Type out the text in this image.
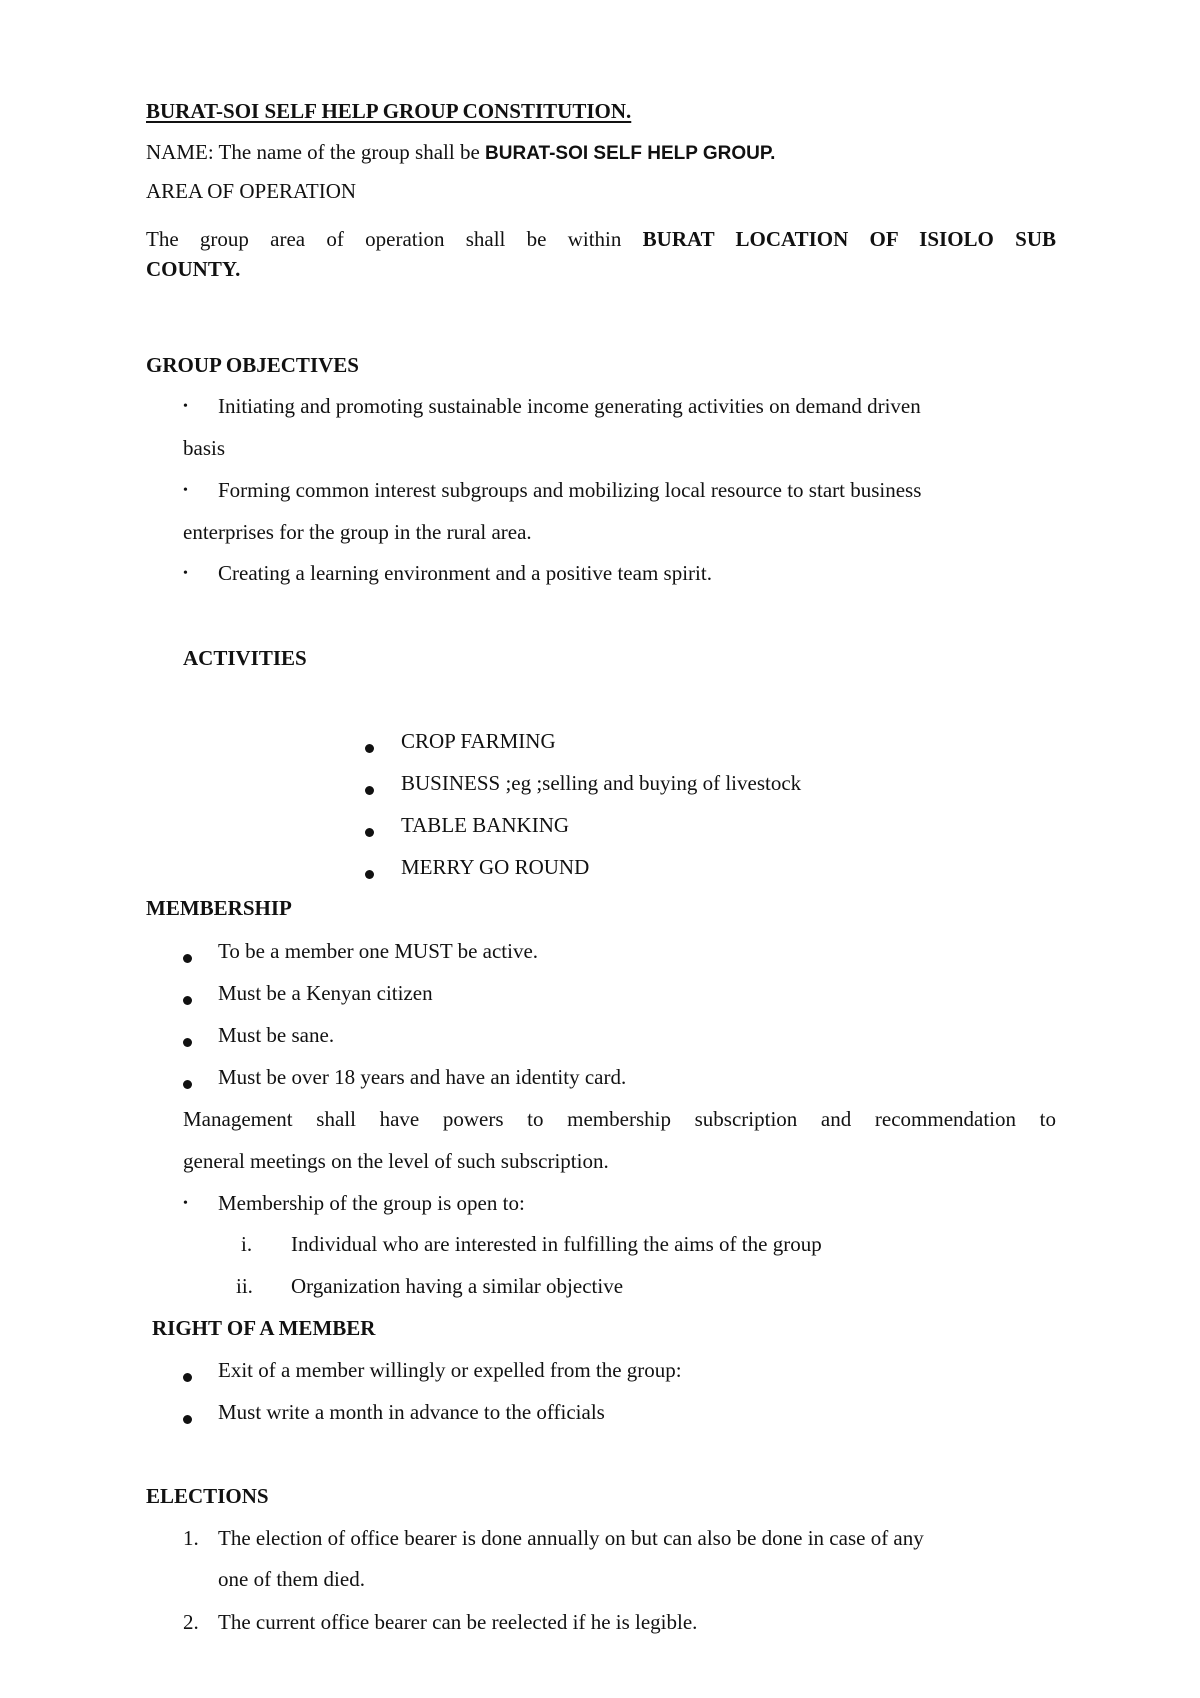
BURAT-SOI SELF HELP GROUP CONSTITUTION.
NAME: The name of the group shall be BURAT-SOI SELF HELP GROUP.
AREA OF OPERATION
The group area of operation shall be within BURAT LOCATION OF ISIOLO SUB
COUNTY.
GROUP OBJECTIVES
• Initiating and promoting sustainable income generating activities on demand driven
basis
• Forming common interest subgroups and mobilizing local resource to start business
enterprises for the group in the rural area.
• Creating a learning environment and a positive team spirit.
ACTIVITIES
CROP FARMING
BUSINESS ;eg ;selling and buying of livestock
TABLE BANKING
MERRY GO ROUND
MEMBERSHIP
To be a member one MUST be active.
Must be a Kenyan citizen
Must be sane.
Must be over 18 years and have an identity card.
Management shall have powers to membership subscription and recommendation to
general meetings on the level of such subscription.
• Membership of the group is open to:
i. Individual who are interested in fulfilling the aims of the group
ii. Organization having a similar objective
RIGHT OF A MEMBER
Exit of a member willingly or expelled from the group:
Must write a month in advance to the officials
ELECTIONS
1. The election of office bearer is done annually on but can also be done in case of any
one of them died.
2. The current office bearer can be reelected if he is legible.
